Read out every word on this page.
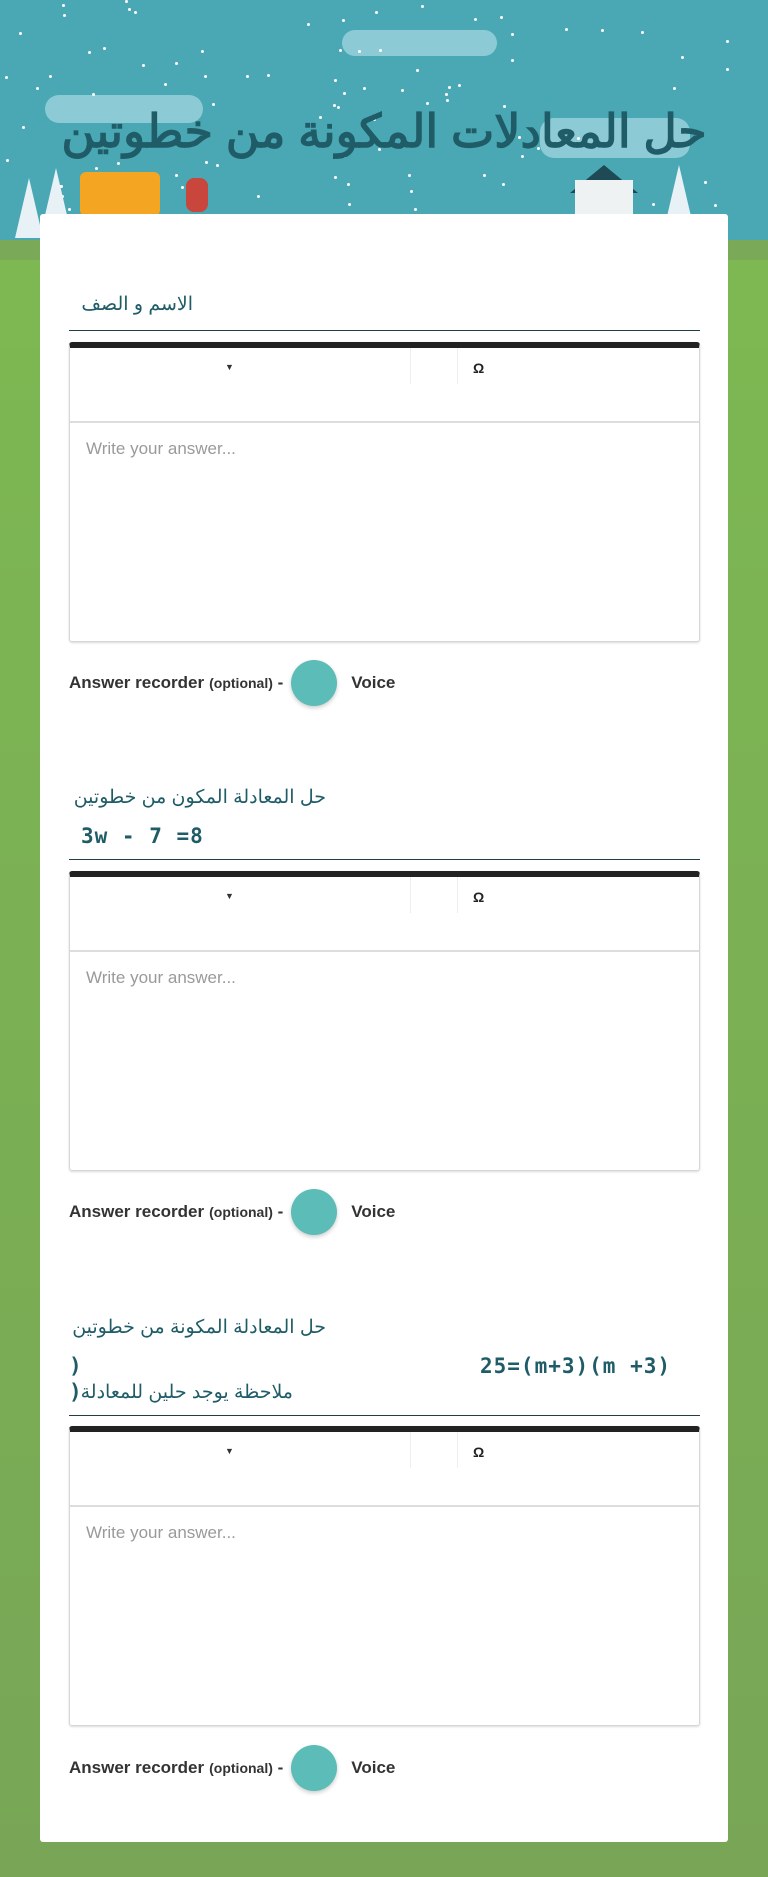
حل المعادلات المكونة من خطوتين
الاسم و الصف
▼	Ω
Write your answer...
Answer recorder (optional)
-	Voice
حل المعادلة المكون من خطوتين
3w - 7 =8
▼	Ω
Write your answer...
Answer recorder (optional)
-	Voice
حل المعادلة المكونة من خطوتين
25=(m+3)(m +3)
)
)
ملاحظة يوجد حلين للمعادلة
▼	Ω
Write your answer...
Answer recorder (optional)
-	Voice
